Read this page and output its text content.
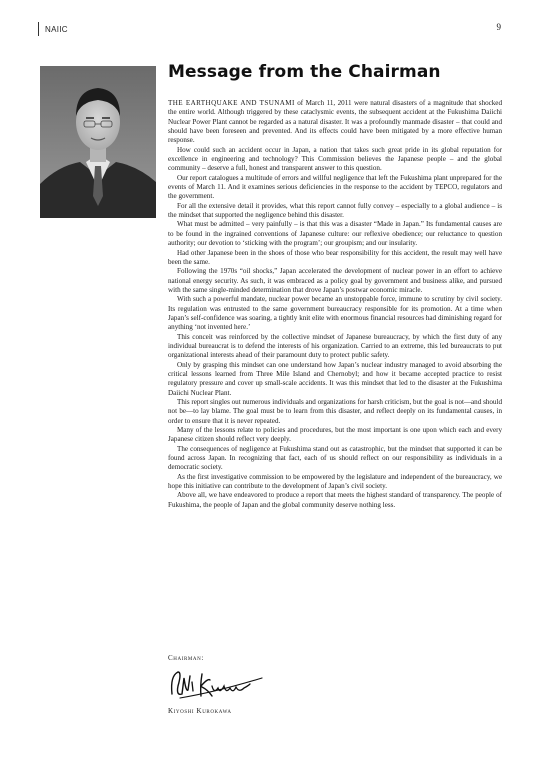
NAIIC	9
Message from the Chairman

THE EARTHQUAKE AND TSUNAMI of March 11, 2011 were natural disasters of a magnitude that shocked the entire world. Although triggered by these cataclysmic events, the subsequent accident at the Fukushima Daiichi Nuclear Power Plant cannot be regarded as a natural disaster. It was a profoundly manmade disaster – that could and should have been foreseen and prevented. And its effects could have been mitigated by a more effective human response.

How could such an accident occur in Japan, a nation that takes such great pride in its global reputation for excellence in engineering and technology? This Commission believes the Japanese people – and the global community – deserve a full, honest and transparent answer to this question.

Our report catalogues a multitude of errors and willful negligence that left the Fukushima plant unprepared for the events of March 11. And it examines serious deficiencies in the response to the accident by TEPCO, regulators and the government.

For all the extensive detail it provides, what this report cannot fully convey – especially to a global audience – is the mindset that supported the negligence behind this disaster.

What must be admitted – very painfully – is that this was a disaster “Made in Japan.” Its fundamental causes are to be found in the ingrained conventions of Japanese culture: our reflexive obedience; our reluctance to question authority; our devotion to ‘sticking with the program’; our groupism; and our insularity.

Had other Japanese been in the shoes of those who bear responsibility for this accident, the result may well have been the same.

Following the 1970s “oil shocks,” Japan accelerated the development of nuclear power in an effort to achieve national energy security. As such, it was embraced as a policy goal by government and business alike, and pursued with the same single-minded determination that drove Japan’s postwar economic miracle.

With such a powerful mandate, nuclear power became an unstoppable force, immune to scrutiny by civil society. Its regulation was entrusted to the same government bureaucracy responsible for its promotion. At a time when Japan’s self-confidence was soaring, a tightly knit elite with enormous financial resources had diminishing regard for anything ‘not invented here.’

This conceit was reinforced by the collective mindset of Japanese bureaucracy, by which the first duty of any individual bureaucrat is to defend the interests of his organization. Carried to an extreme, this led bureaucrats to put organizational interests ahead of their paramount duty to protect public safety.

Only by grasping this mindset can one understand how Japan’s nuclear industry managed to avoid absorbing the critical lessons learned from Three Mile Island and Chernobyl; and how it became accepted practice to resist regulatory pressure and cover up small-scale accidents. It was this mindset that led to the disaster at the Fukushima Daiichi Nuclear Plant.

This report singles out numerous individuals and organizations for harsh criticism, but the goal is not—and should not be—to lay blame. The goal must be to learn from this disaster, and reflect deeply on its fundamental causes, in order to ensure that it is never repeated.

Many of the lessons relate to policies and procedures, but the most important is one upon which each and every Japanese citizen should reflect very deeply.

The consequences of negligence at Fukushima stand out as catastrophic, but the mindset that supported it can be found across Japan. In recognizing that fact, each of us should reflect on our responsibility as individuals in a democratic society.

As the first investigative commission to be empowered by the legislature and independent of the bureaucracy, we hope this initiative can contribute to the development of Japan’s civil society.

Above all, we have endeavored to produce a report that meets the highest standard of transparency. The people of Fukushima, the people of Japan and the global community deserve nothing less.

Chairman:
Kiyoshi Kurokawa
